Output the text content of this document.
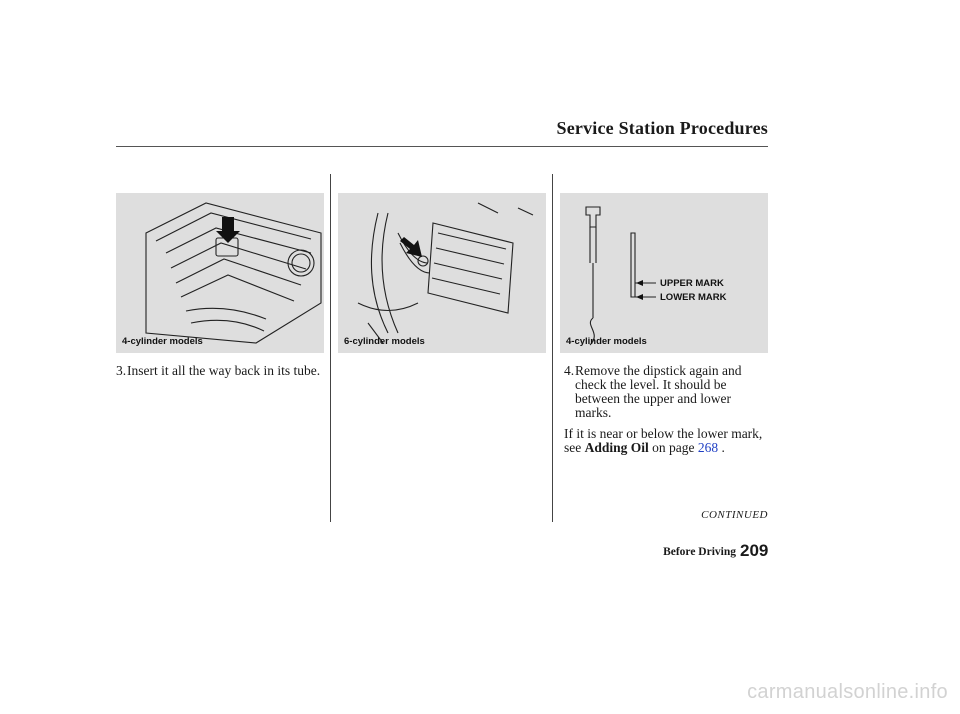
Service Station Procedures
4-cylinder models	6-cylinder models
UPPER MARK
LOWER MARK
4-cylinder models
3. Insert it all the way back in its tube.	4. Remove the dipstick again and
check the level. It should be
between the upper and lower
marks.
If it is near or below the lower mark,
see Adding Oil on page 268 .
CONTINUED
Before Driving 209
carmanualsonline.info
